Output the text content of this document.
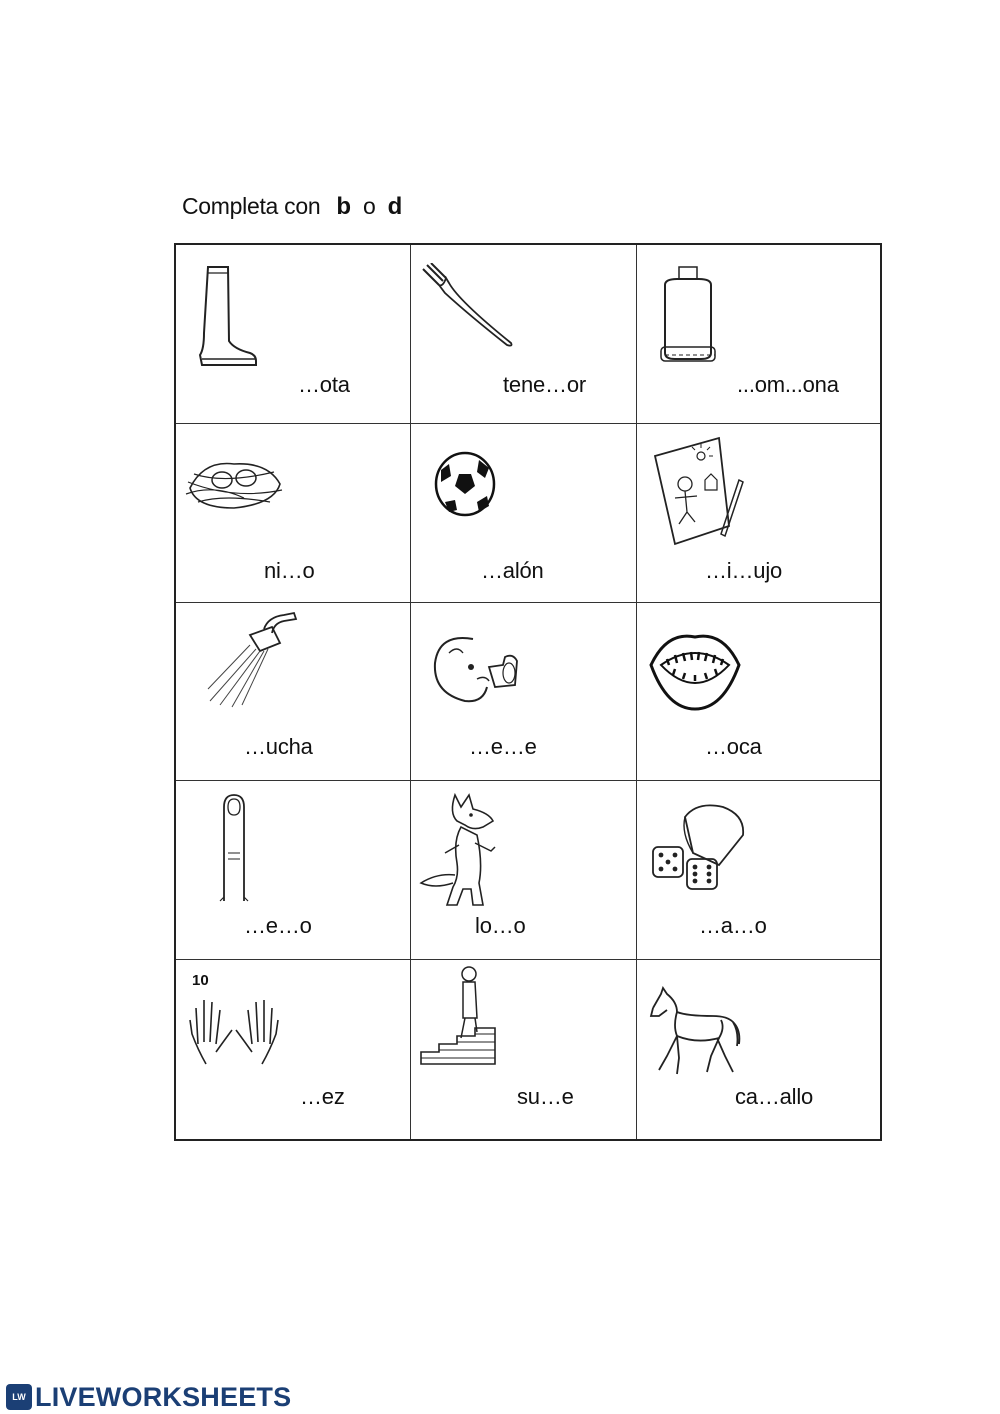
Completa con b o d
…ota	tene…or	...om...ona
ni…o	…alón	…i…ujo
…ucha	…e…e	…oca
…e…o	lo…o	…a…o
10
…ez	su…e	ca…allo
LW LIVEWORKSHEETS
